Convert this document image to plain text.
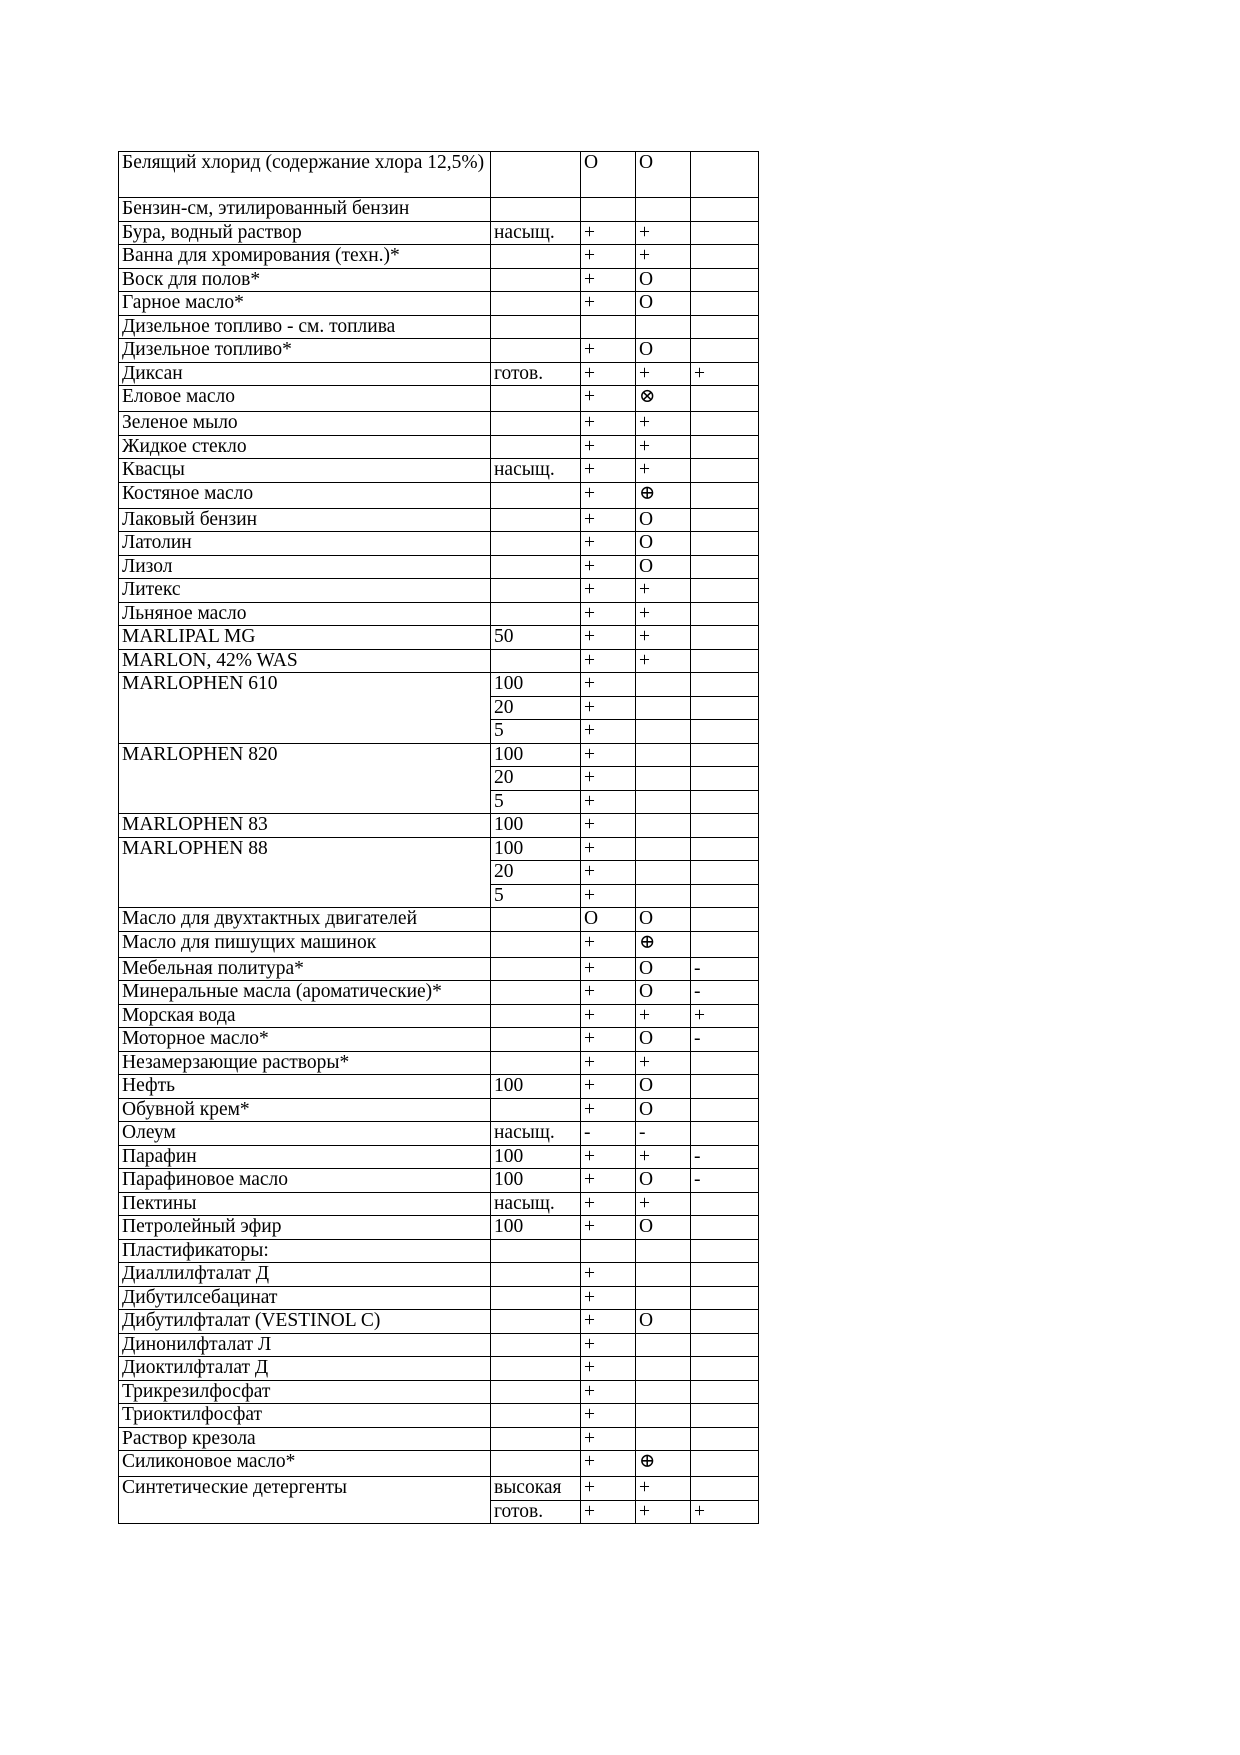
Белящий хлорид (содержание хлора 12,5%)		O	O	
Бензин-см, этилированный бензин				
Бура, водный раствор	насыщ.	+	+	
Ванна для хромирования (техн.)*		+	+	
Воск для полов*		+	O	
Гарное масло*		+	O	
Дизельное топливо - см. топлива				
Дизельное топливо*		+	O	
Диксан	готов.	+	+	+
Еловое масло		+	⊗	
Зеленое мыло		+	+	
Жидкое стекло		+	+	
Квасцы	насыщ.	+	+	
Костяное масло		+	⊕	
Лаковый бензин		+	O	
Латолин		+	O	
Лизол		+	O	
Литекс		+	+	
Льняное масло		+	+	
MARLIPAL MG	50	+	+	
MARLON, 42% WAS		+	+	
MARLOPHEN 610	100	+		
	20	+		
	5	+		
MARLOPHEN 820	100	+		
	20	+		
	5	+		
MARLOPHEN 83	100	+		
MARLOPHEN 88	100	+		
	20	+		
	5	+		
Масло для двухтактных двигателей		O	O	
Масло для пишущих машинок		+	⊕	
Мебельная политура*		+	O	-
Минеральные масла (ароматические)*		+	O	-
Морская вода		+	+	+
Моторное масло*		+	O	-
Незамерзающие растворы*		+	+	
Нефть	100	+	O	
Обувной крем*		+	O	
Олеум	насыщ.	-	-	
Парафин	100	+	+	-
Парафиновое масло	100	+	O	-
Пектины	насыщ.	+	+	
Петролейный эфир	100	+	O	
Пластификаторы:				
Диаллилфталат Д		+		
Дибутилсебацинат		+		
Дибутилфталат (VESTINOL C)		+	O	
Динонилфталат Л		+		
Диоктилфталат Д		+		
Трикрезилфосфат		+		
Триоктилфосфат		+		
Раствор крезола		+		
Силиконовое масло*		+	⊕	
Синтетические детергенты	высокая	+	+	
	готов.	+	+	+
